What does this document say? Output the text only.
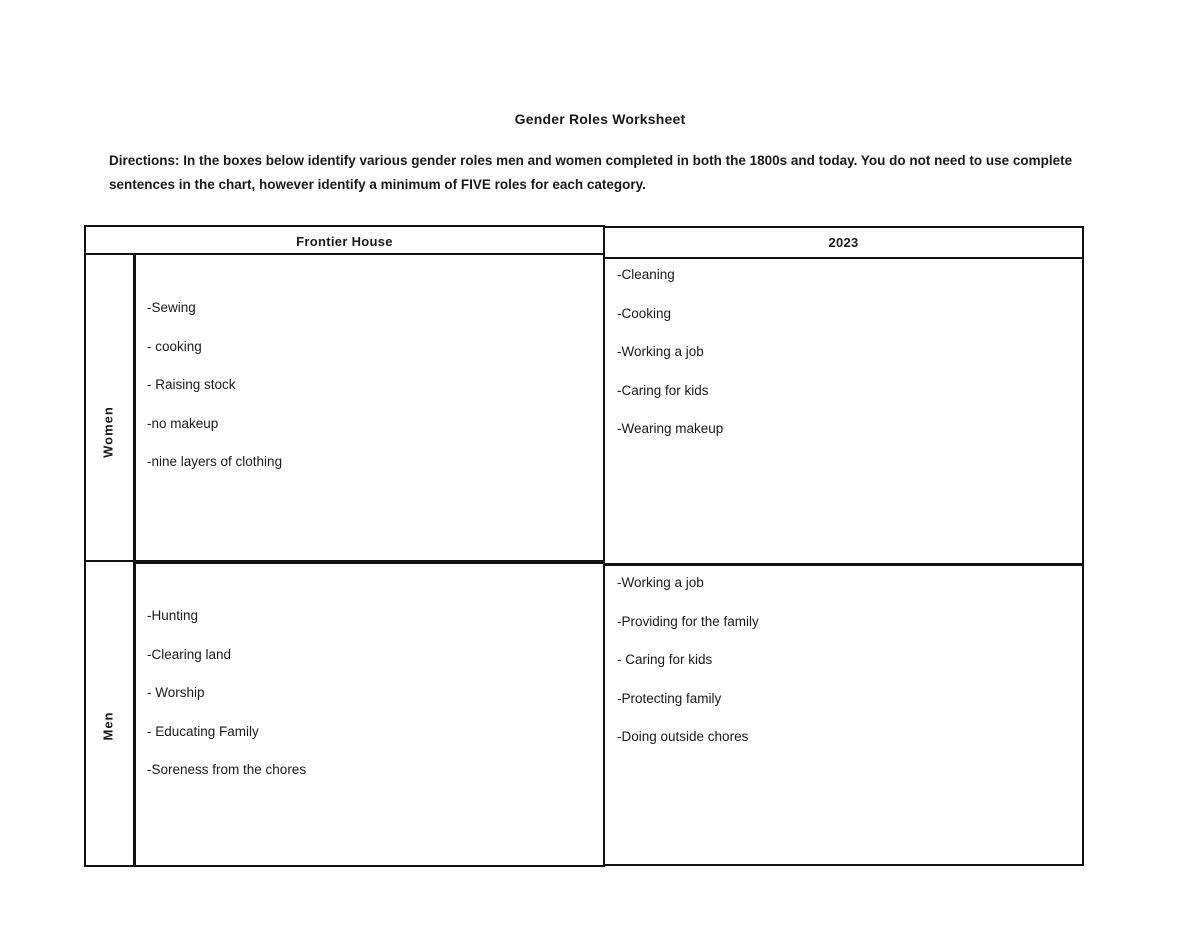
Gender Roles Worksheet
Directions: In the boxes below identify various gender roles men and women completed in both the 1800s and today. You do not need to use complete sentences in the chart, however identify a minimum of FIVE roles for each category.
Frontier House	2023
Women
-Sewing
- cooking
- Raising stock
-no makeup
-nine layers of clothing
-Cleaning
-Cooking
-Working a job
-Caring for kids
-Wearing makeup
Men
-Hunting
-Clearing land
- Worship
- Educating Family
-Soreness from the chores
-Working a job
-Providing for the family
- Caring for kids
-Protecting family
-Doing outside chores
